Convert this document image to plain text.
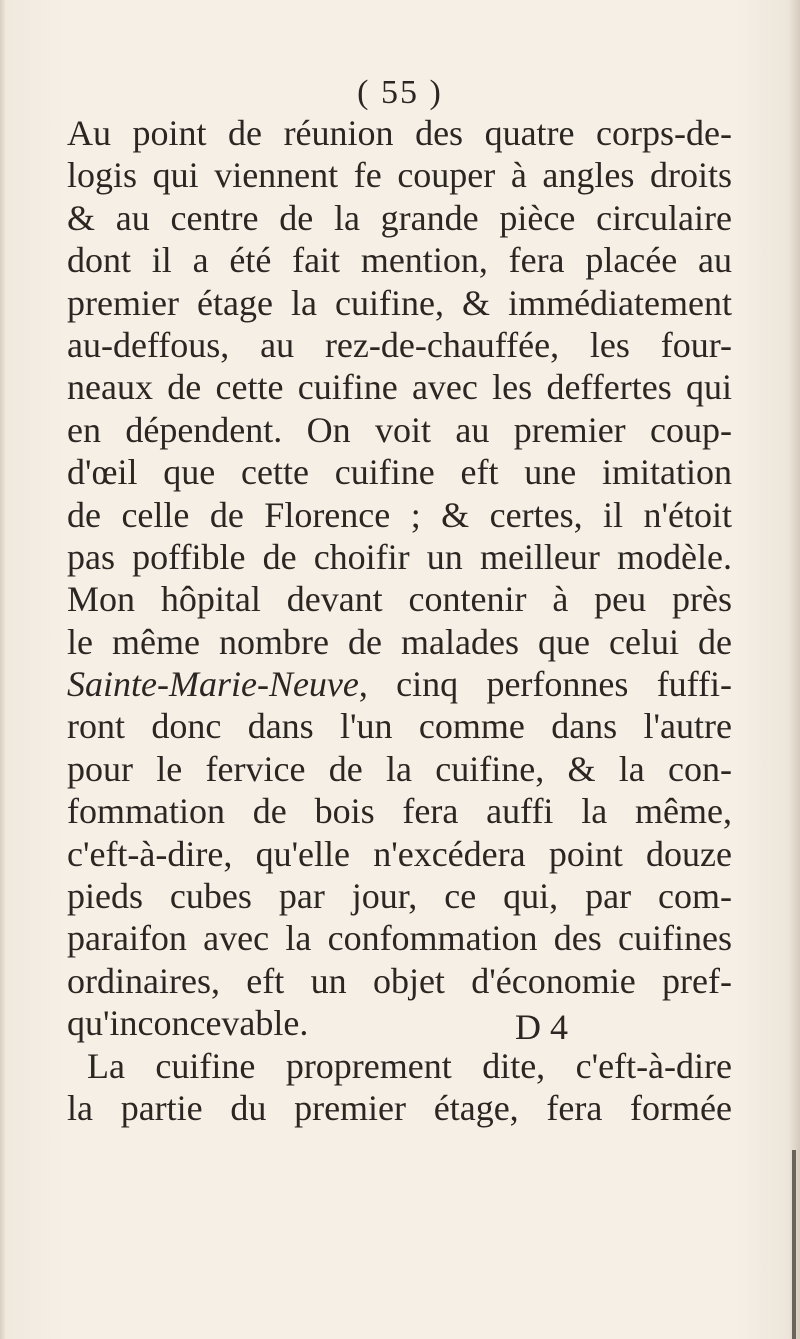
( 55 )
Au point de réunion des quatre corps-de-
logis qui viennent fe couper à angles droits
& au centre de la grande pièce circulaire
dont il a été fait mention, fera placée au
premier étage la cuifine, & immédiatement
au-deffous, au rez-de-chauffée, les four-
neaux de cette cuifine avec les deffertes qui
en dépendent. On voit au premier coup-
d'œil que cette cuifine eft une imitation
de celle de Florence ; & certes, il n'étoit
pas poffible de choifir un meilleur modèle.
Mon hôpital devant contenir à peu près
le même nombre de malades que celui de
Sainte-Marie-Neuve, cinq perfonnes fuffi-
ront donc dans l'un comme dans l'autre
pour le fervice de la cuifine, & la con-
fommation de bois fera auffi la même,
c'eft-à-dire, qu'elle n'excédera point douze
pieds cubes par jour, ce qui, par com-
paraifon avec la confommation des cuifines
ordinaires, eft un objet d'économie pref-
qu'inconcevable.
La cuifine proprement dite, c'eft-à-dire
la partie du premier étage, fera formée
D 4
